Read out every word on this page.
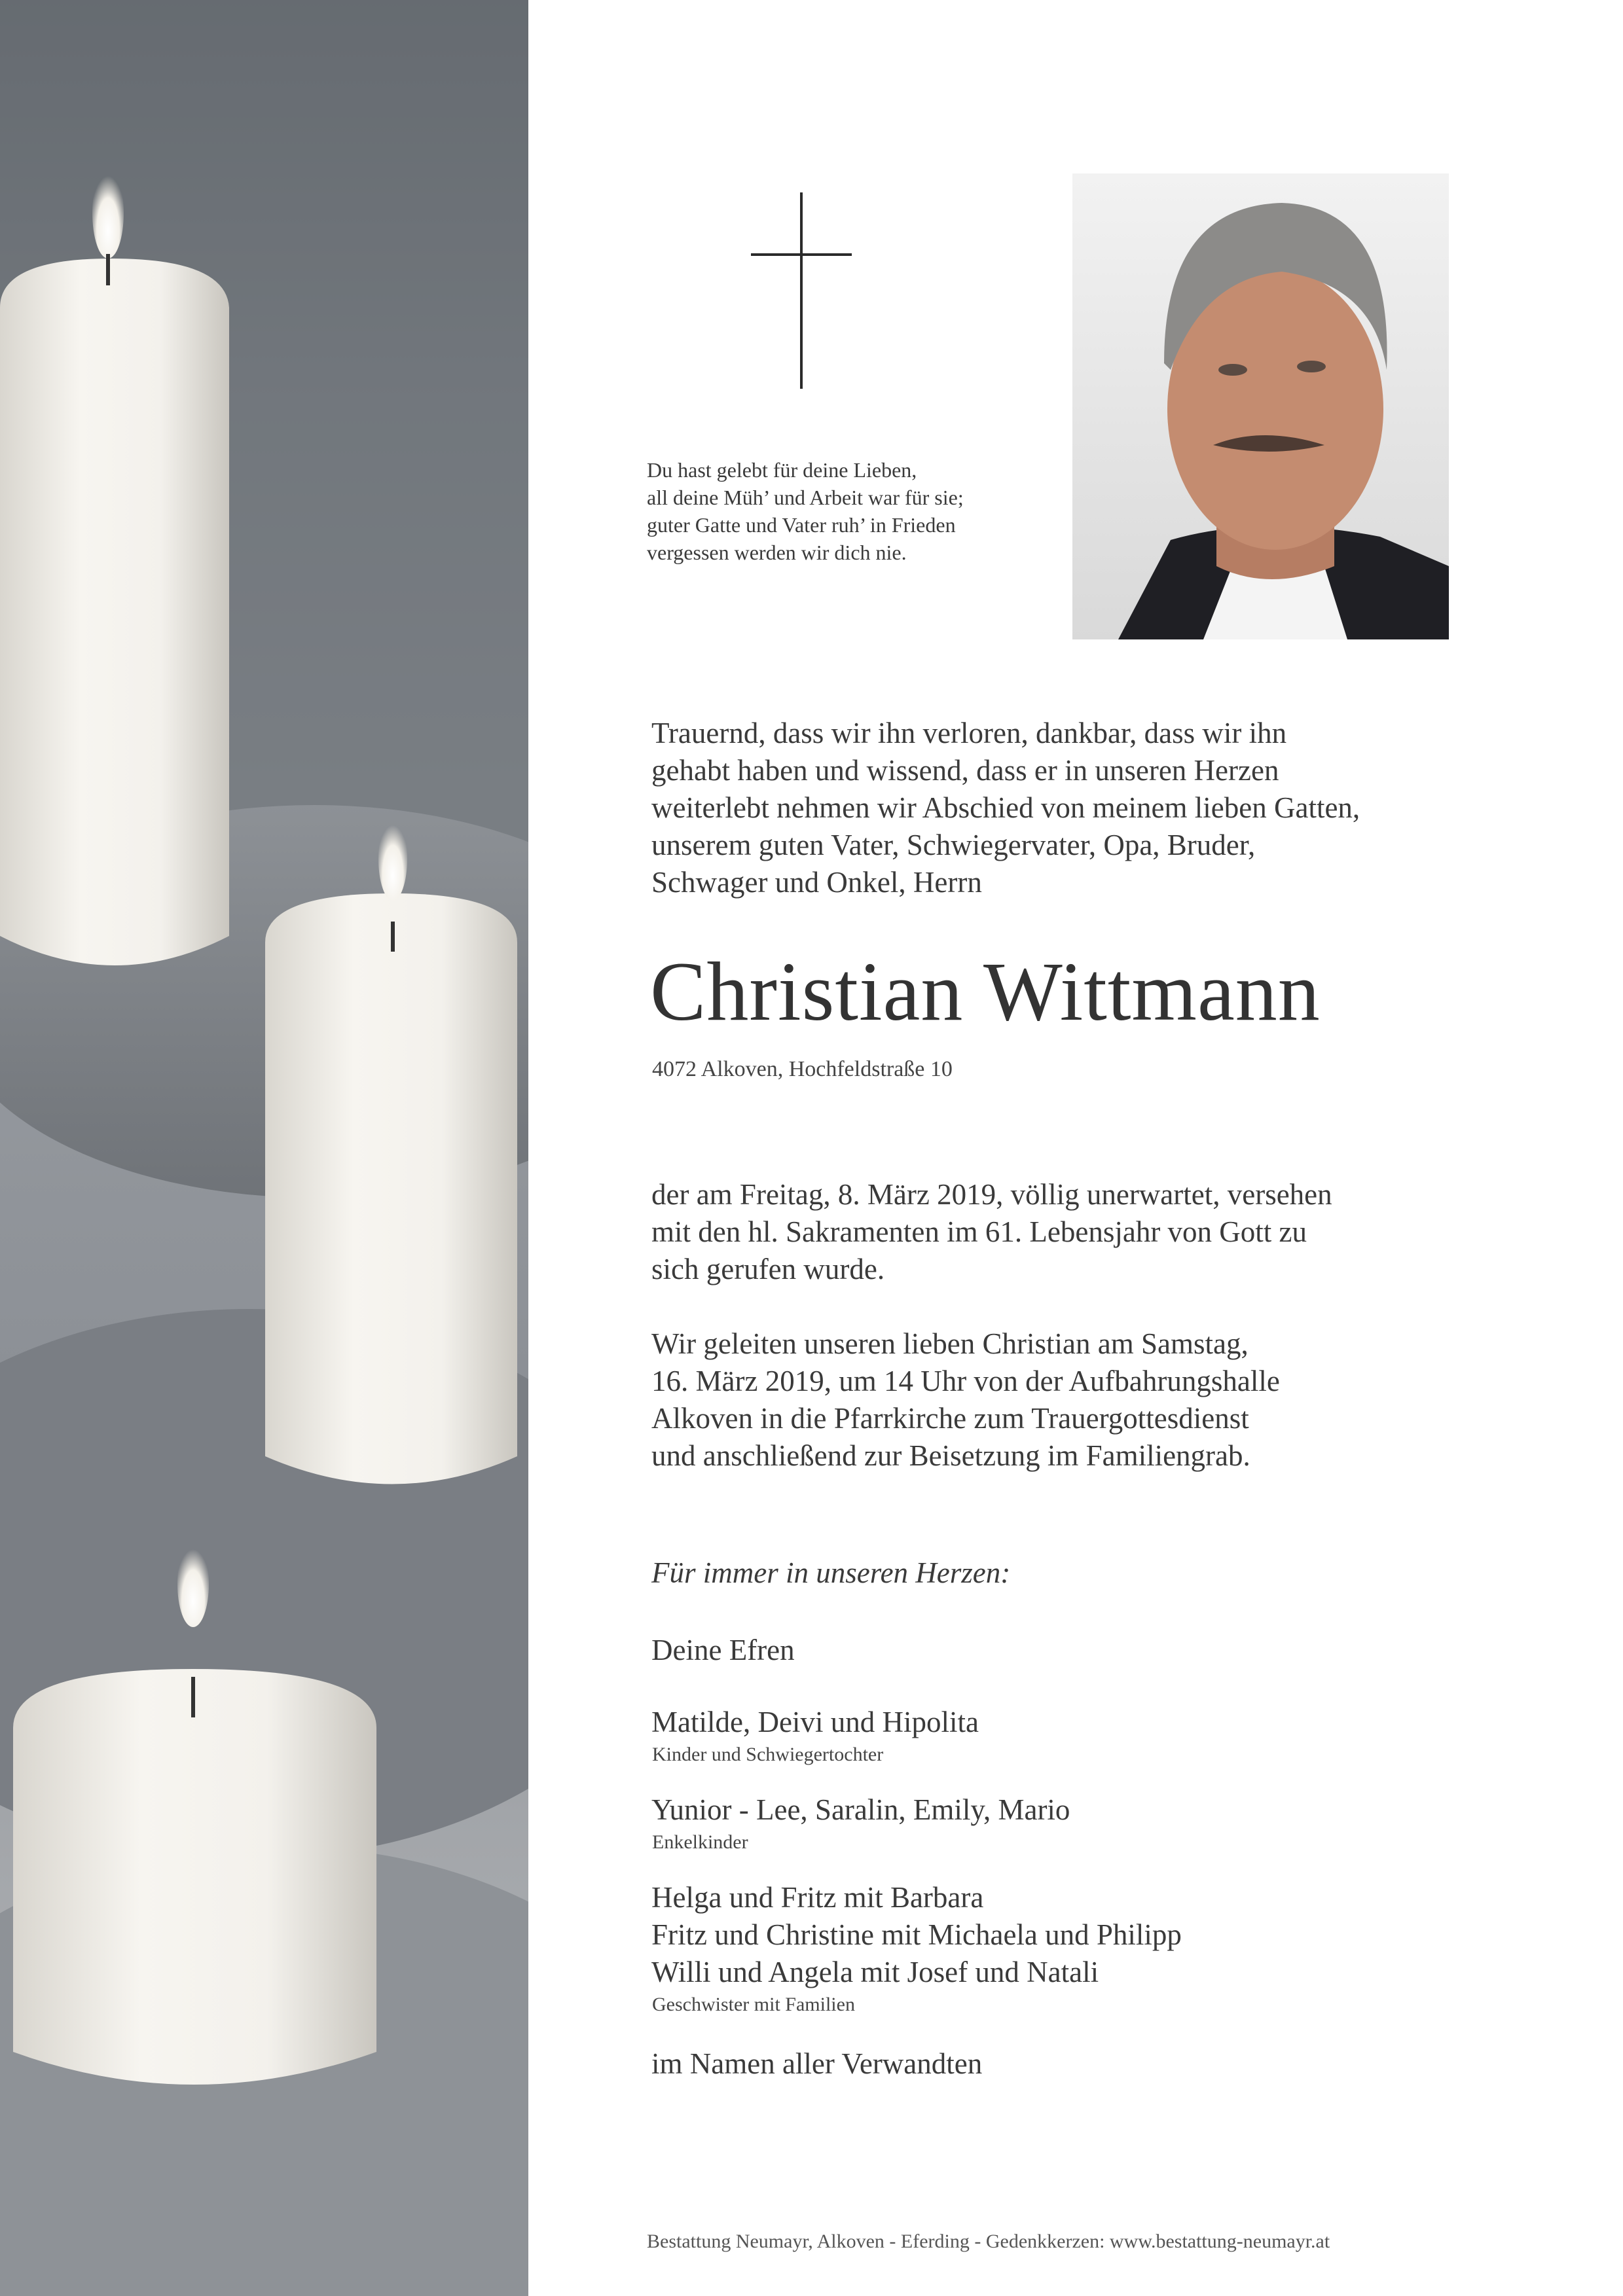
Du hast gelebt für deine Lieben,
all deine Müh’ und Arbeit war für sie;
guter Gatte und Vater ruh’ in Frieden
vergessen werden wir dich nie.
Trauernd, dass wir ihn verloren, dankbar, dass wir ihn
gehabt haben und wissend, dass er in unseren Herzen
weiterlebt nehmen wir Abschied von meinem lieben Gatten,
unserem guten Vater, Schwiegervater, Opa, Bruder,
Schwager und Onkel, Herrn
Christian Wittmann
4072 Alkoven, Hochfeldstraße 10
der am Freitag, 8. März 2019, völlig unerwartet, versehen
mit den hl. Sakramenten im 61. Lebensjahr von Gott zu
sich gerufen wurde.
Wir geleiten unseren lieben Christian am Samstag,
16. März 2019, um 14 Uhr von der Aufbahrungshalle
Alkoven in die Pfarrkirche zum Trauergottesdienst
und anschließend zur Beisetzung im Familiengrab.
Für immer in unseren Herzen:
Deine Efren
Matilde, Deivi und Hipolita
Kinder und Schwiegertochter
Yunior - Lee, Saralin, Emily, Mario
Enkelkinder
Helga und Fritz mit Barbara
Fritz und Christine mit Michaela und Philipp
Willi und Angela mit Josef und Natali
Geschwister mit Familien
im Namen aller Verwandten
Bestattung Neumayr, Alkoven - Eferding - Gedenkkerzen: www.bestattung-neumayr.at
